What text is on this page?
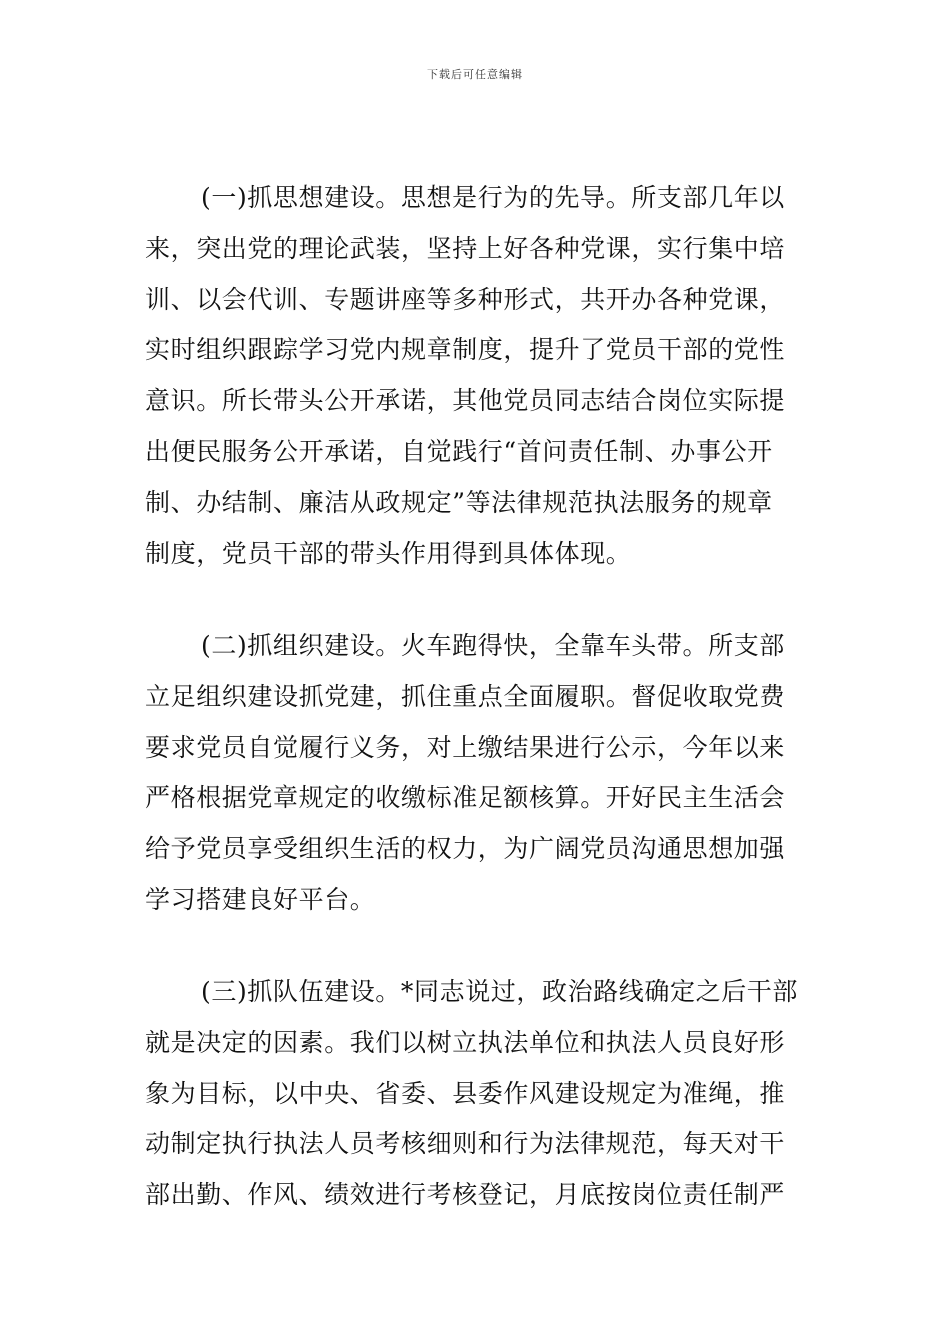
下载后可任意编辑
(一)抓思想建设。思想是行为的先导。所支部几年以
来，突出党的理论武装，坚持上好各种党课，实行集中培
训、以会代训、专题讲座等多种形式，共开办各种党课，
实时组织跟踪学习党内规章制度，提升了党员干部的党性
意识。所长带头公开承诺，其他党员同志结合岗位实际提
出便民服务公开承诺，自觉践行“首问责任制、办事公开
制、办结制、廉洁从政规定”等法律规范执法服务的规章
制度，党员干部的带头作用得到具体体现。
(二)抓组织建设。火车跑得快，全靠车头带。所支部
立足组织建设抓党建，抓住重点全面履职。督促收取党费
要求党员自觉履行义务，对上缴结果进行公示，今年以来
严格根据党章规定的收缴标准足额核算。开好民主生活会
给予党员享受组织生活的权力，为广阔党员沟通思想加强
学习搭建良好平台。
(三)抓队伍建设。*同志说过，政治路线确定之后干部
就是决定的因素。我们以树立执法单位和执法人员良好形
象为目标，以中央、省委、县委作风建设规定为准绳，推
动制定执行执法人员考核细则和行为法律规范，每天对干
部出勤、作风、绩效进行考核登记，月底按岗位责任制严
